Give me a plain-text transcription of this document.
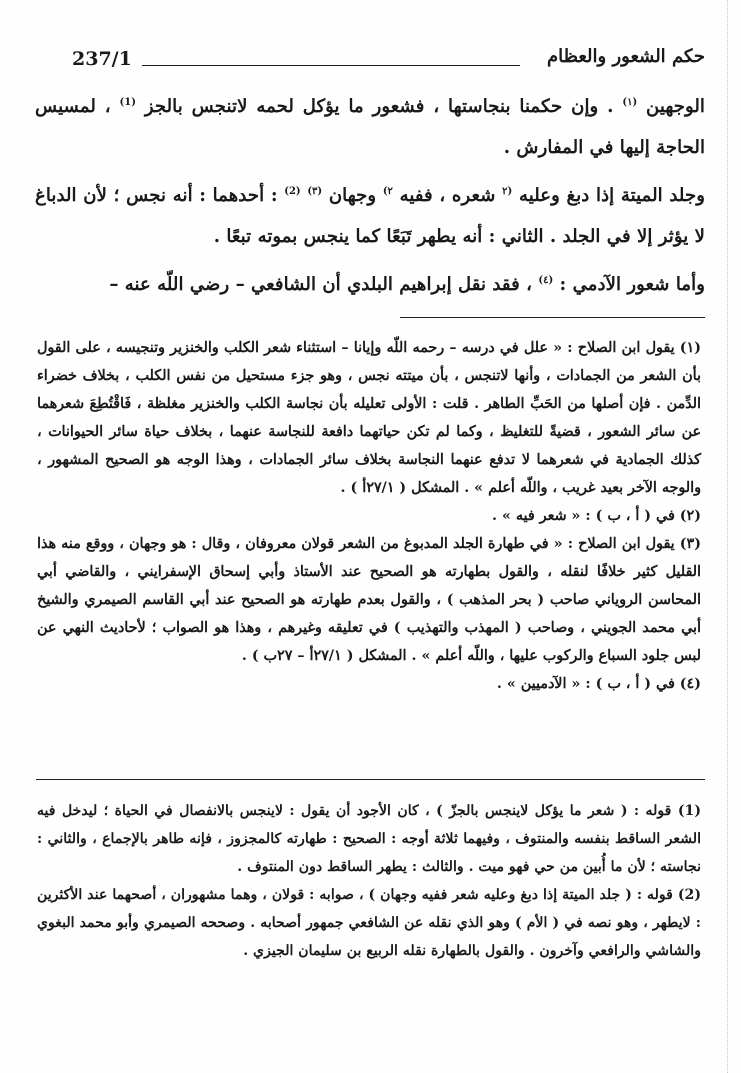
237/1	حكم الشعور والعظام

الوجهين $^{(١)}$ . وإن حكمنا بنجاستها ، فشعور ما يؤكل لحمه لاتنجس بالجز $^{(1)}$ ، لمسيس الحاجة إليها في المفارش .

وجلد الميتة إذا دبغ وعليه $^{(٢}$ شعره ، ففيه $^{٢)}$ وجهان $^{(٣)}$ $^{(2)}$ : أحدهما : أنه نجس ؛ لأن الدباغ لا يؤثر إلا في الجلد . الثاني : أنه يطهر تَبَعًا كما ينجس بموته تبعًا .

وأما شعور الآدمي : $^{(٤)}$ ، فقد نقل إبراهيم البلدي أن الشافعي – رضي اللّه عنه –

(١) يقول ابن الصلاح : « علل في درسه – رحمه اللّه وإيانا – استثناء شعر الكلب والخنزير وتنجيسه ، على القول بأن الشعر من الجمادات ، وأنها لاتنجس ، بأن ميتته نجس ، وهو جزء مستحيل من نفس الكلب ، بخلاف خضراء الدِّمن . فإن أصلها من الحَبِّ الطاهر . قلت : الأولى تعليله بأن نجاسة الكلب والخنزير مغلظة ، فَاقْتُطِعَ شعرهما عن سائر الشعور ، قضيةً للتغليظ ، وكما لم تكن حياتهما دافعة للنجاسة عنهما ، بخلاف حياة سائر الحيوانات ، كذلك الجمادية في شعرهما لا تدفع عنهما النجاسة بخلاف سائر الجمادات ، وهذا الوجه هو الصحيح المشهور ، والوجه الآخر بعيد غريب ، واللّه أعلم » . المشكل ( ٢٧/١أ ) .

(٢) في ( أ ، ب ) : « شعر فيه » .

(٣) يقول ابن الصلاح : « في طهارة الجلد المدبوغ من الشعر قولان معروفان ، وقال : هو وجهان ، ووقع منه هذا القليل كثير خلافًا لنقله ، والقول بطهارته هو الصحيح عند الأستاذ وأبي إسحاق الإسفرايني ، والقاضي أبي المحاسن الروياني صاحب ( بحر المذهب ) ، والقول بعدم طهارته هو الصحيح عند أبي القاسم الصيمري والشيخ أبي محمد الجويني ، وصاحب ( المهذب والتهذيب ) في تعليقه وغيرهم ، وهذا هو الصواب ؛ لأحاديث النهي عن لبس جلود السباع والركوب عليها ، واللّه أعلم » . المشكل ( ٢٧/١أ – ٢٧ب ) .

(٤) في ( أ ، ب ) : « الآدميين » .

(1) قوله : ( شعر ما يؤكل لاينجس بالجزّ ) ، كان الأجود أن يقول : لاينجس بالانفصال في الحياة ؛ ليدخل فيه الشعر الساقط بنفسه والمنتوف ، وفيهما ثلاثة أوجه : الصحيح : طهارته كالمجزوز ، فإنه طاهر بالإجماع ، والثاني : نجاسته ؛ لأن ما أُبين من حي فهو ميت . والثالث : يطهر الساقط دون المنتوف .

(2) قوله : ( جلد الميتة إذا دبغ وعليه شعر ففيه وجهان ) ، صوابه : قولان ، وهما مشهوران ، أصحهما عند الأكثرين : لايطهر ، وهو نصه في ( الأم ) وهو الذي نقله عن الشافعي جمهور أصحابه . وصححه الصيمري وأبو محمد البغوي والشاشي والرافعي وآخرون . والقول بالطهارة نقله الربيع بن سليمان الجيزي .
